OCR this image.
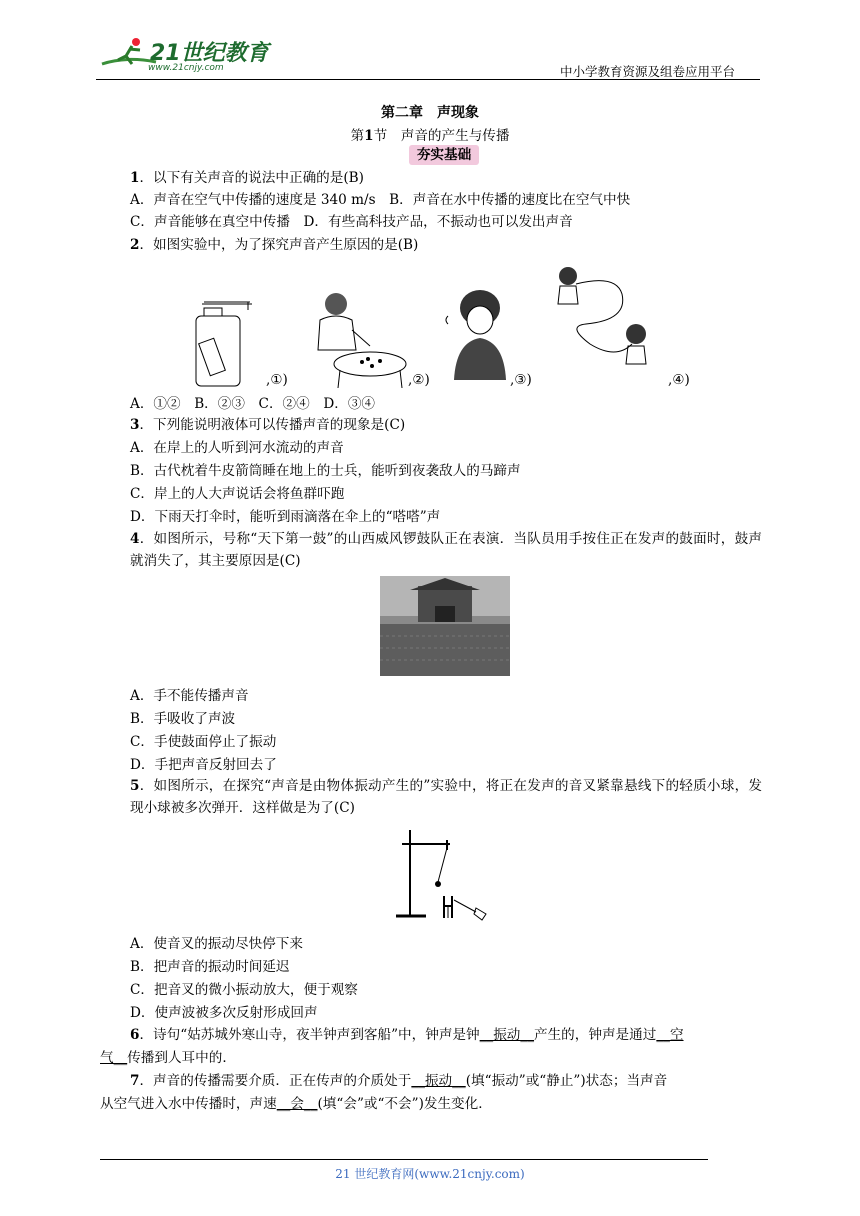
21世纪教育
www.21cnjy.com	中小学教育资源及组卷应用平台
第二章　声现象
第1节　声音的产生与传播
夯实基础
1．以下有关声音的说法中正确的是(B)
A．声音在空气中传播的速度是 340 m/s　B．声音在水中传播的速度比在空气中快
C．声音能够在真空中传播　D．有些高科技产品，不振动也可以发出声音
2．如图实验中，为了探究声音产生原因的是(B)
,①)	,②)	,③)	,④)
A．①②　B．②③　C．②④　D．③④
3．下列能说明液体可以传播声音的现象是(C)
A．在岸上的人听到河水流动的声音
B．古代枕着牛皮箭筒睡在地上的士兵，能听到夜袭敌人的马蹄声
C．岸上的人大声说话会将鱼群吓跑
D．下雨天打伞时，能听到雨滴落在伞上的“嗒嗒”声
4．如图所示，号称“天下第一鼓”的山西威风锣鼓队正在表演．当队员用手按住正在发声的鼓面时，鼓声就消失了，其主要原因是(C)
A．手不能传播声音
B．手吸收了声波
C．手使鼓面停止了振动
D．手把声音反射回去了
5．如图所示，在探究“声音是由物体振动产生的”实验中，将正在发声的音叉紧靠悬线下的轻质小球，发现小球被多次弹开．这样做是为了(C)
A．使音叉的振动尽快停下来
B．把声音的振动时间延迟
C．把音叉的微小振动放大，便于观察
D．使声波被多次反射形成回声
6．诗句“姑苏城外寒山寺，夜半钟声到客船”中，钟声是钟__振动__产生的，钟声是通过__空
气__传播到人耳中的．
7．声音的传播需要介质．正在传声的介质处于__振动__(填“振动”或“静止”)状态；当声音
从空气进入水中传播时，声速__会__(填“会”或“不会”)发生变化．
21 世纪教育网(www.21cnjy.com)
